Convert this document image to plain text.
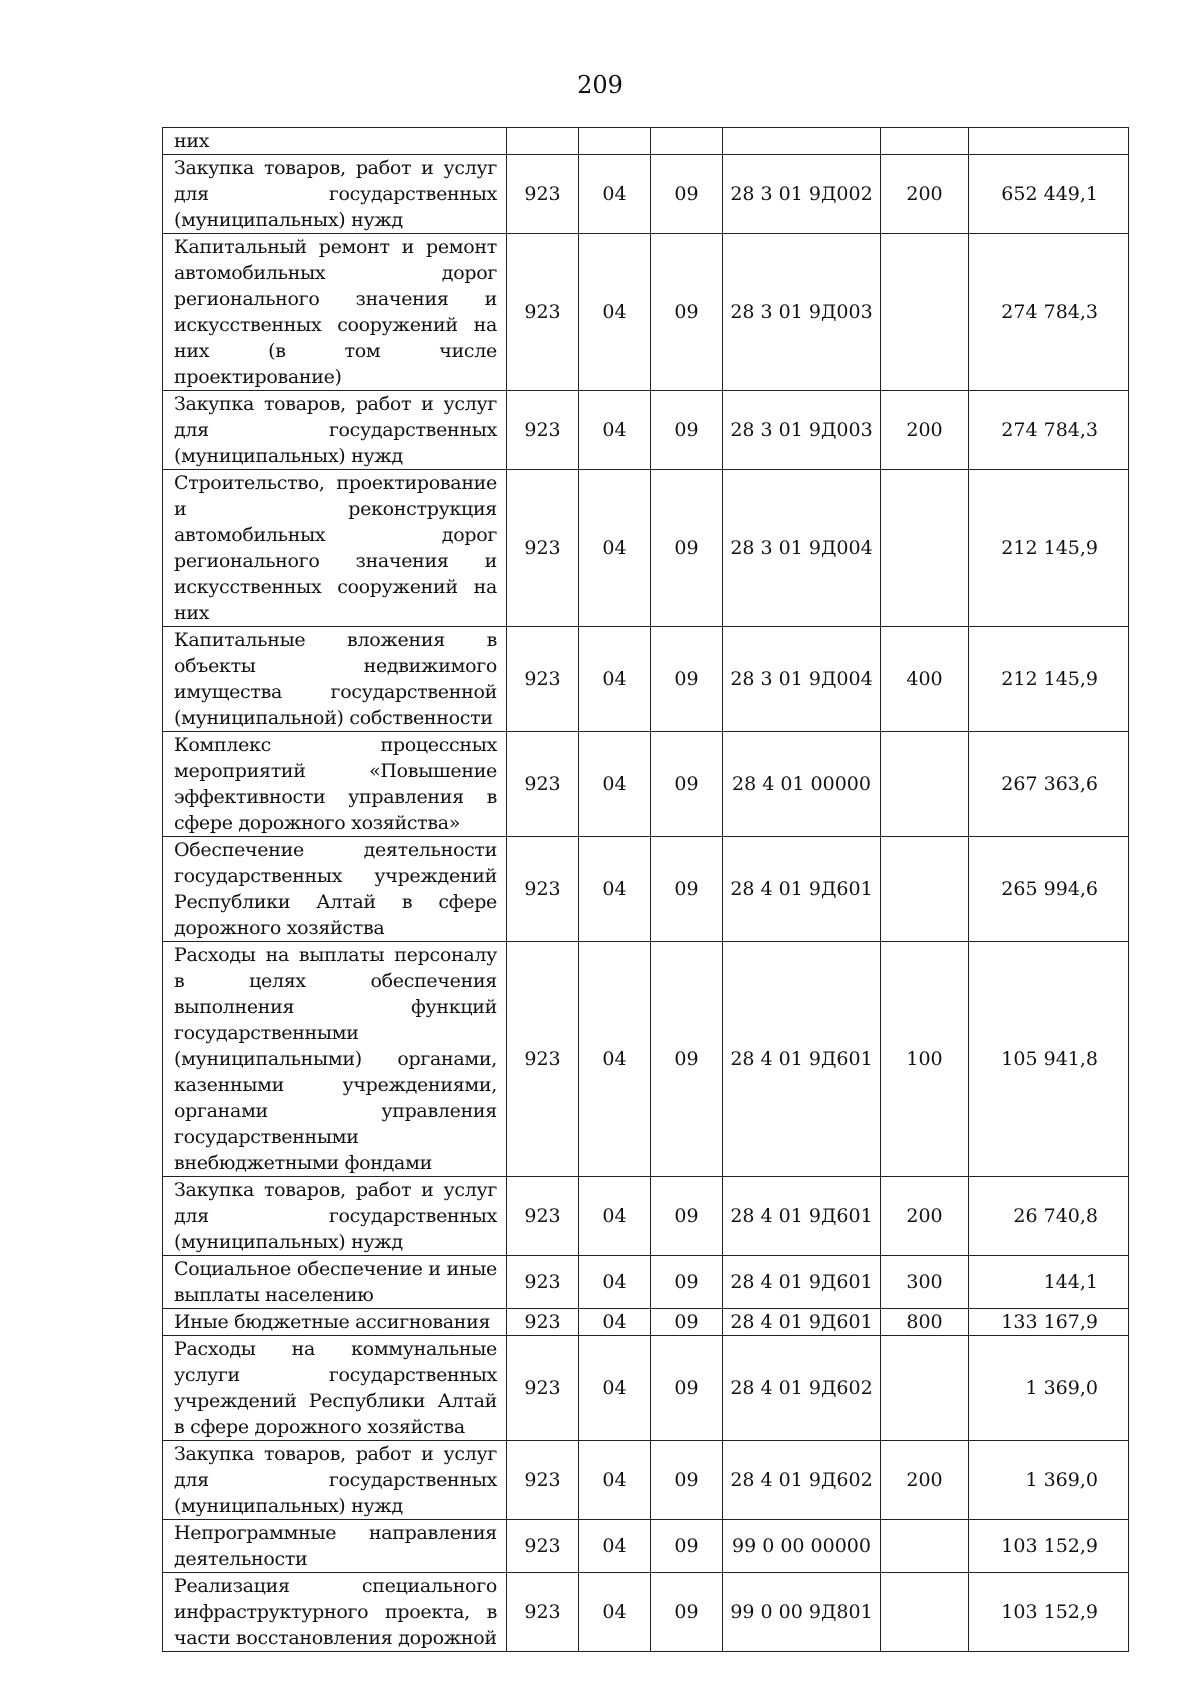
209
них						
Закупка товаров, работ и услуг для государственных (муниципальных) нужд	923	04	09	28 3 01 9Д002	200	652 449,1
Капитальный ремонт и ремонт автомобильных дорог регионального значения и искусственных сооружений на них (в том числе проектирование)	923	04	09	28 3 01 9Д003		274 784,3
Закупка товаров, работ и услуг для государственных (муниципальных) нужд	923	04	09	28 3 01 9Д003	200	274 784,3
Строительство, проектирование и реконструкция автомобильных дорог регионального значения и искусственных сооружений на них	923	04	09	28 3 01 9Д004		212 145,9
Капитальные вложения в объекты недвижимого имущества государственной (муниципальной) собственности	923	04	09	28 3 01 9Д004	400	212 145,9
Комплекс процессных мероприятий «Повышение эффективности управления в сфере дорожного хозяйства»	923	04	09	28 4 01 00000		267 363,6
Обеспечение деятельности государственных учреждений Республики Алтай в сфере дорожного хозяйства	923	04	09	28 4 01 9Д601		265 994,6
Расходы на выплаты персоналу в целях обеспечения выполнения функций государственными (муниципальными) органами, казенными учреждениями, органами управления государственными внебюджетными фондами	923	04	09	28 4 01 9Д601	100	105 941,8
Закупка товаров, работ и услуг для государственных (муниципальных) нужд	923	04	09	28 4 01 9Д601	200	26 740,8
Социальное обеспечение и иные выплаты населению	923	04	09	28 4 01 9Д601	300	144,1
Иные бюджетные ассигнования	923	04	09	28 4 01 9Д601	800	133 167,9
Расходы на коммунальные услуги государственных учреждений Республики Алтай в сфере дорожного хозяйства	923	04	09	28 4 01 9Д602		1 369,0
Закупка товаров, работ и услуг для государственных (муниципальных) нужд	923	04	09	28 4 01 9Д602	200	1 369,0
Непрограммные направления деятельности	923	04	09	99 0 00 00000		103 152,9
Реализация специального инфраструктурного проекта, в части восстановления дорожной	923	04	09	99 0 00 9Д801		103 152,9
